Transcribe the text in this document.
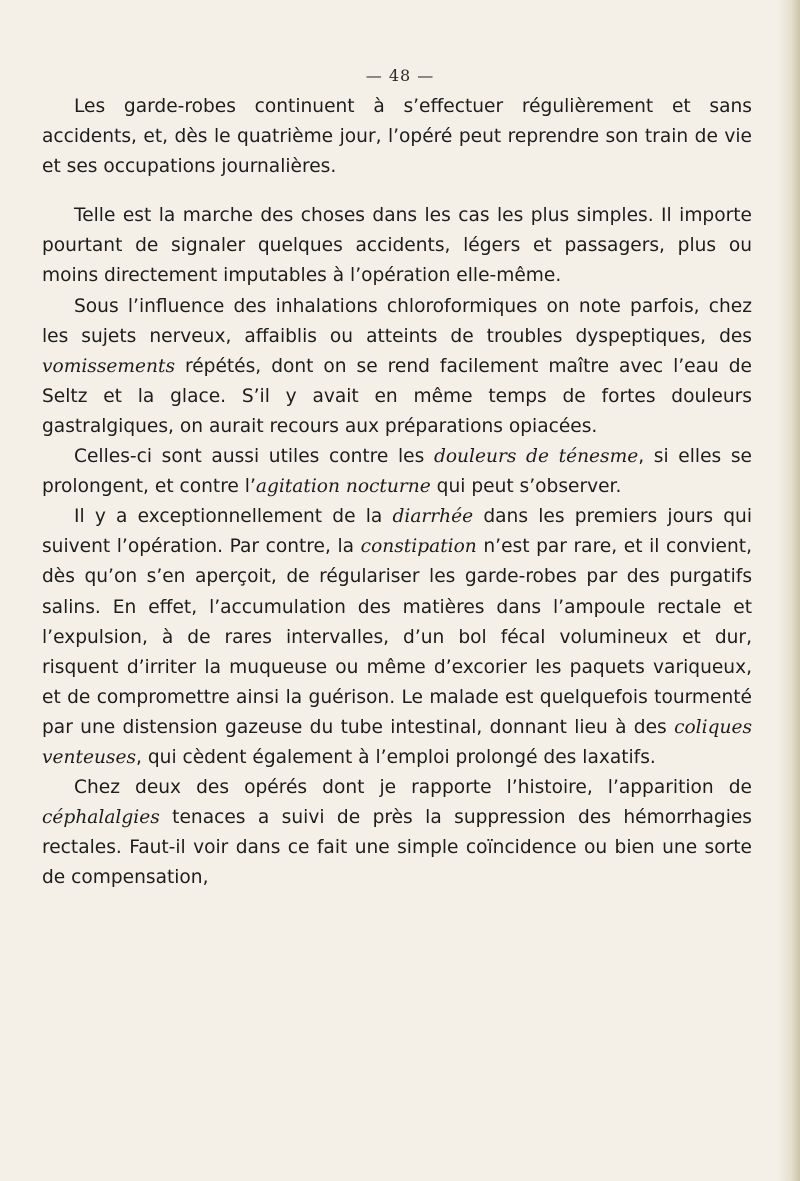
— 48 —

Les garde-robes continuent à s’effectuer régulièrement et sans accidents, et, dès le quatrième jour, l’opéré peut reprendre son train de vie et ses occupations journalières.

Telle est la marche des choses dans les cas les plus simples. Il importe pourtant de signaler quelques accidents, légers et passagers, plus ou moins directement imputables à l’opération elle-même.

Sous l’influence des inhalations chloroformiques on note parfois, chez les sujets nerveux, affaiblis ou atteints de troubles dyspeptiques, des vomissements répétés, dont on se rend facilement maître avec l’eau de Seltz et la glace. S’il y avait en même temps de fortes douleurs gastralgiques, on aurait recours aux préparations opiacées.

Celles-ci sont aussi utiles contre les douleurs de ténesme, si elles se prolongent, et contre l’agitation nocturne qui peut s’observer.

Il y a exceptionnellement de la diarrhée dans les premiers jours qui suivent l’opération. Par contre, la constipation n’est par rare, et il convient, dès qu’on s’en aperçoit, de régulariser les garde-robes par des purgatifs salins. En effet, l’accumulation des matières dans l’ampoule rectale et l’expulsion, à de rares intervalles, d’un bol fécal volumineux et dur, risquent d’irriter la muqueuse ou même d’excorier les paquets variqueux, et de compromettre ainsi la guérison. Le malade est quelquefois tourmenté par une distension gazeuse du tube intestinal, donnant lieu à des coliques venteuses, qui cèdent également à l’emploi prolongé des laxatifs.

Chez deux des opérés dont je rapporte l’histoire, l’apparition de céphalalgies tenaces a suivi de près la suppression des hémorrhagies rectales. Faut-il voir dans ce fait une simple coïncidence ou bien une sorte de compensation,
